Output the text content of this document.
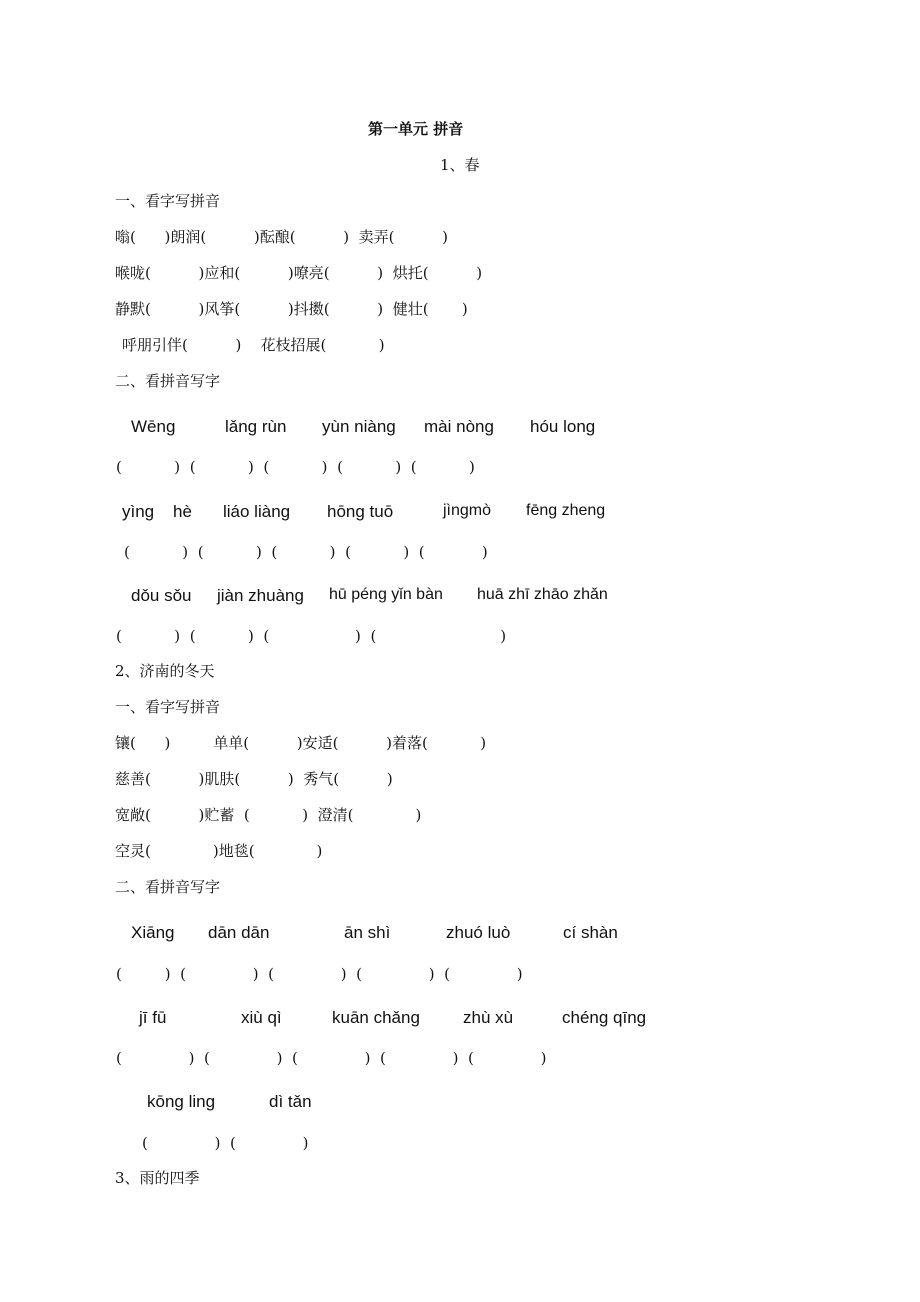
第一单元 拼音
1、春
一、看字写拼音
嗡(      )朗润(          )酝酿(          )  卖弄(          )
喉咙(          )应和(          )嘹亮(          )  烘托(          )
静默(          )风筝(          )抖擞(          )  健壮(       )
呼朋引伴(          )    花枝招展(           )
二、看拼音写字
Wēng	lǎng rùn yùn niàng mài nòng hóu long
(           )  (           )  (           )  (           )  (           )
yìng hè liáo liàng hōng tuō	jìngmò fēng zheng
(           )  (           )  (           )  (           )  (            )
dǒu sǒu jiàn zhuàng hū péng yǐn bàn huā zhī zhāo zhǎn
(           )  (           )  (                  )  (                          )
2、济南的冬天
一、看字写拼音
镶(      )         单单(          )安适(          )着落(           )
慈善(          )肌肤(          )  秀气(          )
宽敞(          )贮蓄  (           )  澄清(             )
空灵(             )地毯(             )
二、看拼音写字
Xiāng dān dān	ān shì	zhuó luò	cí shàn
(         )  (              )  (              )  (              )  (              )
jī fū	xiù qì	kuān chǎng	zhù xù	chéng qīng
(              )  (              )  (              )  (              )  (              )
kōng ling	dì tǎn
(              )  (              )
3、雨的四季
